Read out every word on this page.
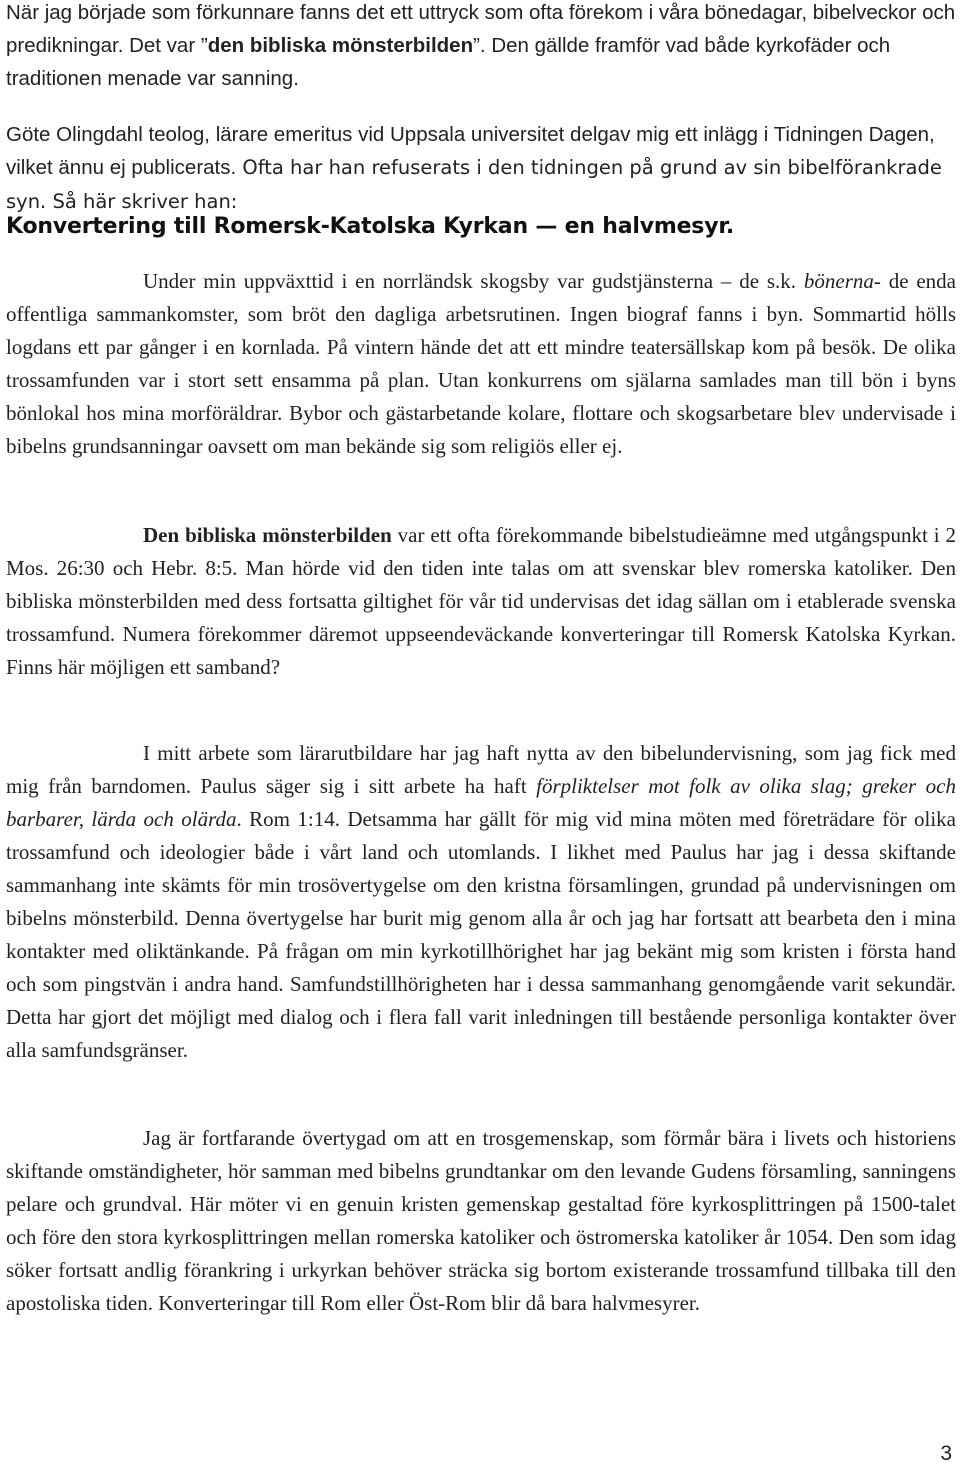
När jag började som förkunnare fanns det ett uttryck som ofta förekom i våra bönedagar, bibelveckor och predikningar. Det var ”den bibliska mönsterbilden”. Den gällde framför vad både kyrkofäder och traditionen menade var sanning.

Göte Olingdahl teolog, lärare emeritus vid Uppsala universitet delgav mig ett inlägg i Tidningen Dagen, vilket ännu ej publicerats. Ofta har han refuserats i den tidningen på grund av sin bibelförankrade syn. Så här skriver han:

Konvertering till Romersk-Katolska Kyrkan — en halvmesyr.

Under min uppväxttid i en norrländsk skogsby var gudstjänsterna – de s.k. bönerna- de enda offentliga sammankomster, som bröt den dagliga arbetsrutinen. Ingen biograf fanns i byn. Sommartid hölls logdans ett par gånger i en kornlada. På vintern hände det att ett mindre teatersällskap kom på besök. De olika trossamfunden var i stort sett ensamma på plan. Utan konkurrens om själarna samlades man till bön i byns bönlokal hos mina morföräldrar. Bybor och gästarbetande kolare, flottare och skogsarbetare blev undervisade i bibelns grundsanningar oavsett om man bekände sig som religiös eller ej.

Den bibliska mönsterbilden var ett ofta förekommande bibelstudieämne med utgångspunkt i 2 Mos. 26:30 och Hebr. 8:5. Man hörde vid den tiden inte talas om att svenskar blev romerska katoliker. Den bibliska mönsterbilden med dess fortsatta giltighet för vår tid undervisas det idag sällan om i etablerade svenska trossamfund. Numera förekommer däremot uppseendeväckande konverteringar till Romersk Katolska Kyrkan. Finns här möjligen ett samband?

I mitt arbete som lärarutbildare har jag haft nytta av den bibelundervisning, som jag fick med mig från barndomen. Paulus säger sig i sitt arbete ha haft förpliktelser mot folk av olika slag; greker och barbarer, lärda och olärda. Rom 1:14. Detsamma har gällt för mig vid mina möten med företrädare för olika trossamfund och ideologier både i vårt land och utomlands. I likhet med Paulus har jag i dessa skiftande sammanhang inte skämts för min trosövertygelse om den kristna församlingen, grundad på undervisningen om bibelns mönsterbild. Denna övertygelse har burit mig genom alla år och jag har fortsatt att bearbeta den i mina kontakter med oliktänkande. På frågan om min kyrkotillhörighet har jag bekänt mig som kristen i första hand och som pingstvän i andra hand. Samfundstillhörigheten har i dessa sammanhang genomgående varit sekundär. Detta har gjort det möjligt med dialog och i flera fall varit inledningen till bestående personliga kontakter över alla samfundsgränser.

Jag är fortfarande övertygad om att en trosgemenskap, som förmår bära i livets och historiens skiftande omständigheter, hör samman med bibelns grundtankar om den levande Gudens församling, sanningens pelare och grundval. Här möter vi en genuin kristen gemenskap gestaltad före kyrkosplittringen på 1500-talet och före den stora kyrkosplittringen mellan romerska katoliker och östromerska katoliker år 1054. Den som idag söker fortsatt andlig förankring i urkyrkan behöver sträcka sig bortom existerande trossamfund tillbaka till den apostoliska tiden. Konverteringar till Rom eller Öst-Rom blir då bara halvmesyrer.

3
